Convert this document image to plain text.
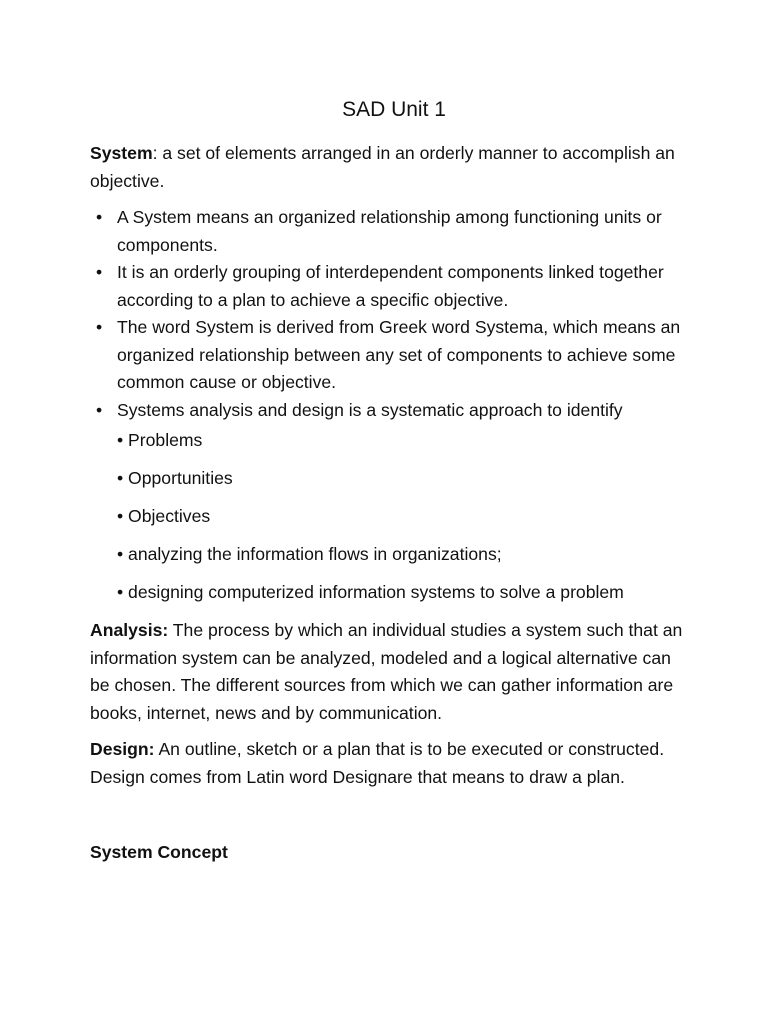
SAD Unit 1

System: a set of elements arranged in an orderly manner to accomplish an objective.

• A System means an organized relationship among functioning units or components.
• It is an orderly grouping of interdependent components linked together according to a plan to achieve a specific objective.
• The word System is derived from Greek word Systema, which means an organized relationship between any set of components to achieve some common cause or objective.
• Systems analysis and design is a systematic approach to identify
• Problems
• Opportunities
• Objectives
• analyzing the information flows in organizations;
• designing computerized information systems to solve a problem

Analysis: The process by which an individual studies a system such that an information system can be analyzed, modeled and a logical alternative can be chosen. The different sources from which we can gather information are books, internet, news and by communication.

Design: An outline, sketch or a plan that is to be executed or constructed. Design comes from Latin word Designare that means to draw a plan.

System Concept
